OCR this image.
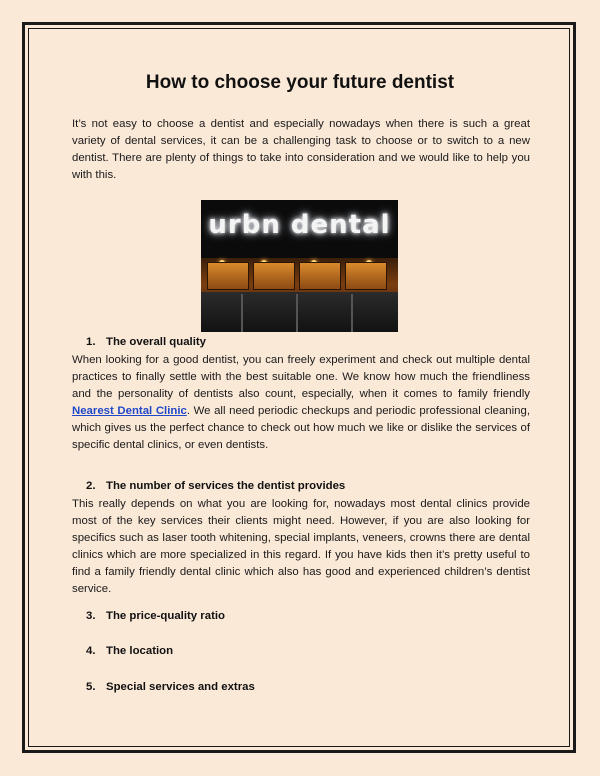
How to choose your future dentist
It’s not easy to choose a dentist and especially nowadays when there is such a great variety of dental services, it can be a challenging task to choose or to switch to a new dentist. There are plenty of things to take into consideration and we would like to help you with this.
urbn dental
1. The overall quality
When looking for a good dentist, you can freely experiment and check out multiple dental practices to finally settle with the best suitable one. We know how much the friendliness and the personality of dentists also count, especially, when it comes to family friendly Nearest Dental Clinic. We all need periodic checkups and periodic professional cleaning, which gives us the perfect chance to check out how much we like or dislike the services of specific dental clinics, or even dentists.
2. The number of services the dentist provides
This really depends on what you are looking for, nowadays most dental clinics provide most of the key services their clients might need. However, if you are also looking for specifics such as laser tooth whitening, special implants, veneers, crowns there are dental clinics which are more specialized in this regard. If you have kids then it’s pretty useful to find a family friendly dental clinic which also has good and experienced children’s dentist service.
3. The price-quality ratio
4. The location
5. Special services and extras
